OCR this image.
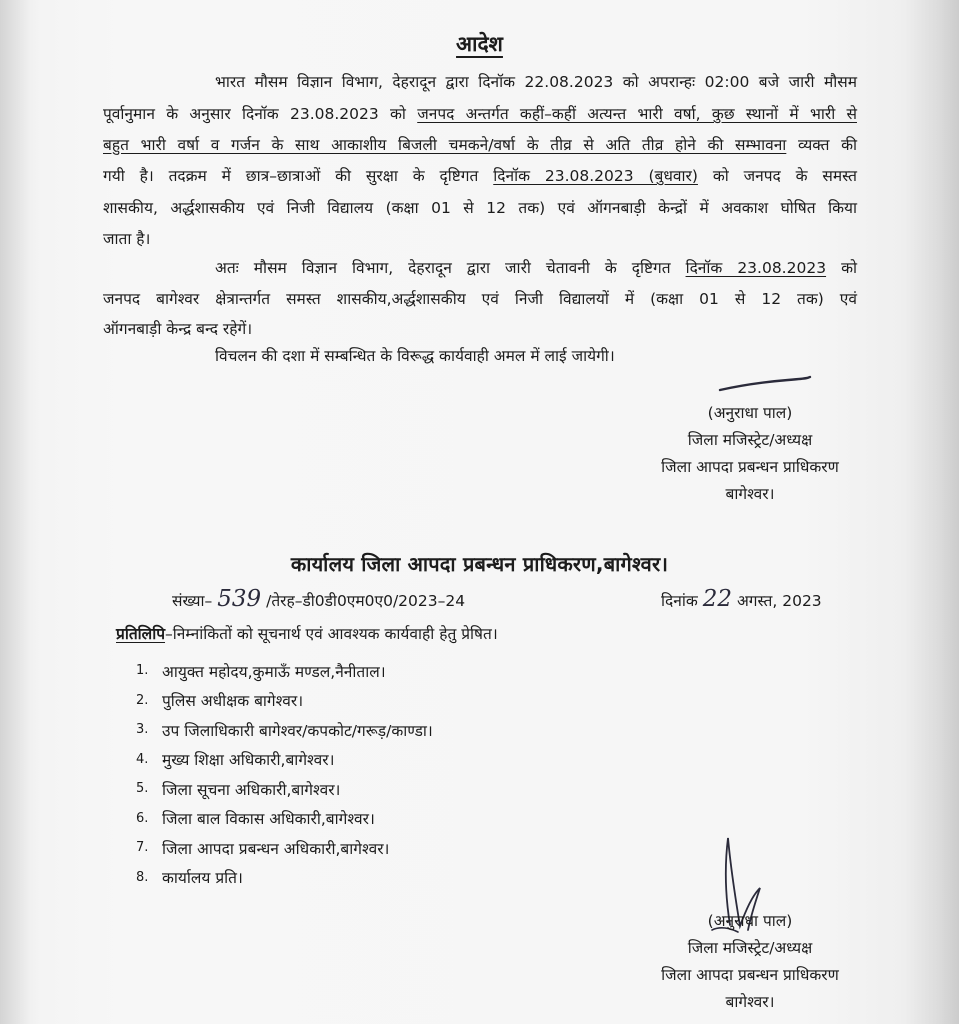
आदेश
भारत मौसम विज्ञान विभाग, देहरादून द्वारा दिनॉक 22.08.2023 को अपरान्हः 02:00 बजे जारी मौसम
पूर्वानुमान के अनुसार दिनॉक 23.08.2023 को जनपद अन्तर्गत कहीं–कहीं अत्यन्त भारी वर्षा, कुछ स्थानों में भारी से
बहुत भारी वर्षा व गर्जन के साथ आकाशीय बिजली चमकने/वर्षा के तीव्र से अति तीव्र होने की सम्भावना व्यक्त की
गयी है। तदक्रम में छात्र–छात्राओं की सुरक्षा के दृष्टिगत दिनॉक 23.08.2023 (बुधवार) को जनपद के समस्त
शासकीय, अर्द्धशासकीय एवं निजी विद्यालय (कक्षा 01 से 12 तक) एवं ऑगनबाड़ी केन्द्रों में अवकाश घोषित किया
जाता है।
अतः मौसम विज्ञान विभाग, देहरादून द्वारा जारी चेतावनी के दृष्टिगत दिनॉक 23.08.2023 को
जनपद बागेश्वर क्षेत्रान्तर्गत समस्त शासकीय,अर्द्धशासकीय एवं निजी विद्यालयों में (कक्षा 01 से 12 तक) एवं
ऑगनबाड़ी केन्द्र बन्द रहेगें।
विचलन की दशा में सम्बन्धित के विरूद्ध कार्यवाही अमल में लाई जायेगी।
(अनुराधा पाल)
जिला मजिस्ट्रेट/अध्यक्ष
जिला आपदा प्रबन्धन प्राधिकरण
बागेश्वर।
कार्यालय जिला आपदा प्रबन्धन प्राधिकरण,बागेश्वर।
संख्या– 539 /तेरह–डी0डी0एम0ए0/2023–24	दिनांक 22 अगस्त, 2023
प्रतिलिपि–निम्नांकितों को सूचनार्थ एवं आवश्यक कार्यवाही हेतु प्रेषित।
1. आयुक्त महोदय,कुमाऊँ मण्डल,नैनीताल।
2. पुलिस अधीक्षक बागेश्वर।
3. उप जिलाधिकारी बागेश्वर/कपकोट/गरूड़/काण्डा।
4. मुख्य शिक्षा अधिकारी,बागेश्वर।
5. जिला सूचना अधिकारी,बागेश्वर।
6. जिला बाल विकास अधिकारी,बागेश्वर।
7. जिला आपदा प्रबन्धन अधिकारी,बागेश्वर।
8. कार्यालय प्रति।
(अनुराधा पाल)
जिला मजिस्ट्रेट/अध्यक्ष
जिला आपदा प्रबन्धन प्राधिकरण
बागेश्वर।
